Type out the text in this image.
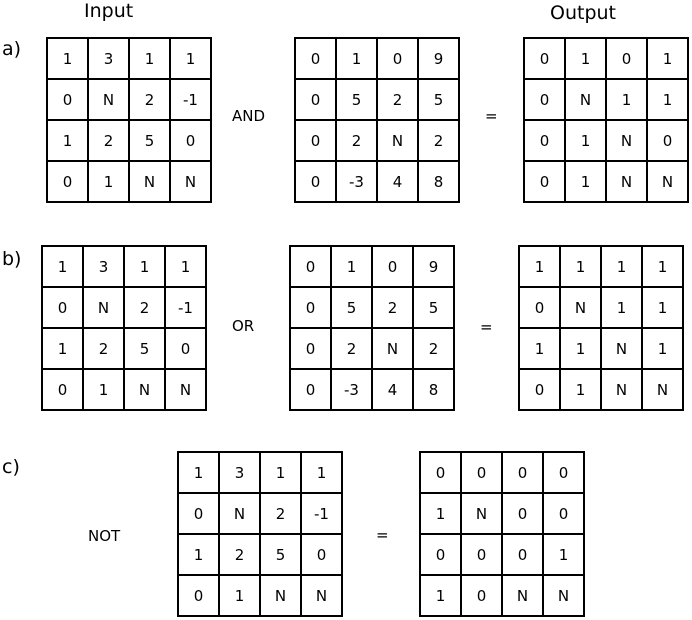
Input	Output
a)	1	3	1	1
0	N	2	-1
1	2	5	0
0	1	N	N
AND
0	1	0	9
0	5	2	5
0	2	N	2
0	-3	4	8
=
0	1	0	1
0	N	1	1
0	1	N	0
0	1	N	N
b) 1	3	1	1
0	N	2	-1
1	2	5	0
0	1	N	N
OR
0	1	0	9
0	5	2	5
0	2	N	2
0	-3	4	8
=
1	1	1	1
0	N	1	1
1	1	N	1
0	1	N	N
c)
NOT
1	3	1	1
0	N	2	-1
1	2	5	0
0	1	N	N
=
0	0	0	0
1	N	0	0
0	0	0	1
1	0	N	N
